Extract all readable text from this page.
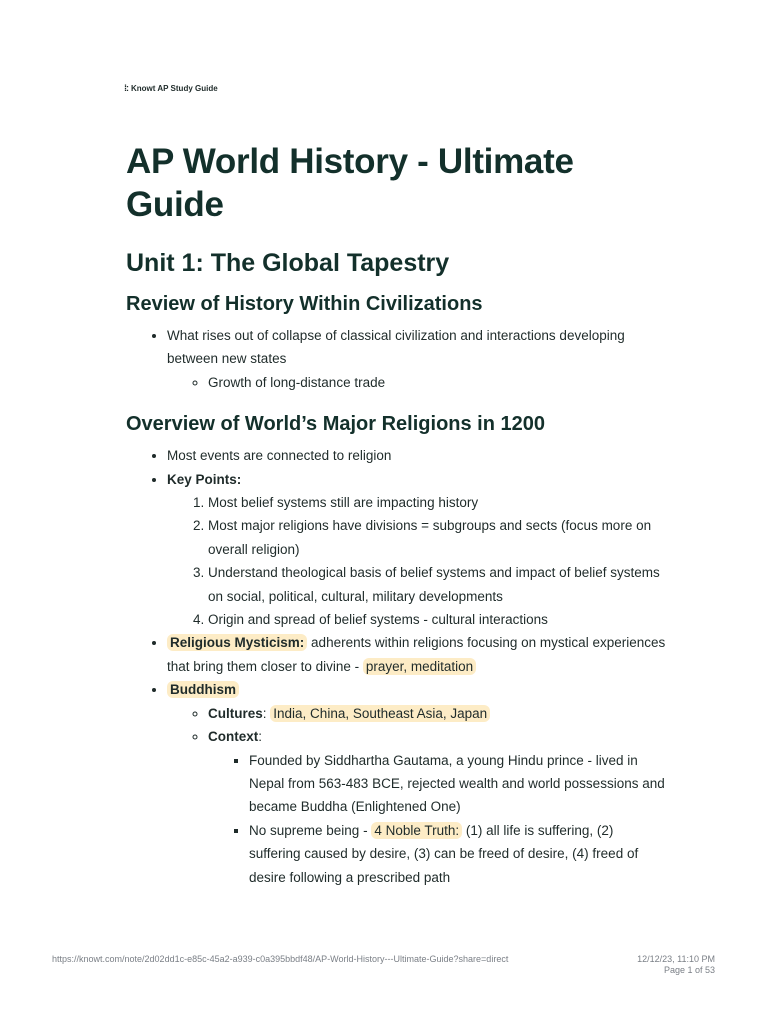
⁞: Knowt AP Study Guide
AP World History - Ultimate Guide
Unit 1: The Global Tapestry
Review of History Within Civilizations
• What rises out of collapse of classical civilization and interactions developing between new states
◦ Growth of long-distance trade
Overview of World’s Major Religions in 1200
• Most events are connected to religion
• Key Points:
1. Most belief systems still are impacting history
2. Most major religions have divisions = subgroups and sects (focus more on overall religion)
3. Understand theological basis of belief systems and impact of belief systems on social, political, cultural, military developments
4. Origin and spread of belief systems - cultural interactions
• Religious Mysticism: adherents within religions focusing on mystical experiences that bring them closer to divine - prayer, meditation
• Buddhism
◦ Cultures: India, China, Southeast Asia, Japan
◦ Context:
▪ Founded by Siddhartha Gautama, a young Hindu prince - lived in Nepal from 563-483 BCE, rejected wealth and world possessions and became Buddha (Enlightened One)
▪ No supreme being - 4 Noble Truth: (1) all life is suffering, (2) suffering caused by desire, (3) can be freed of desire, (4) freed of desire following a prescribed path
https://knowt.com/note/2d02dd1c-e85c-45a2-a939-c0a395bbdf48/AP-World-History---Ultimate-Guide?share=direct	12/12/23, 11:10 PM
Page 1 of 53
